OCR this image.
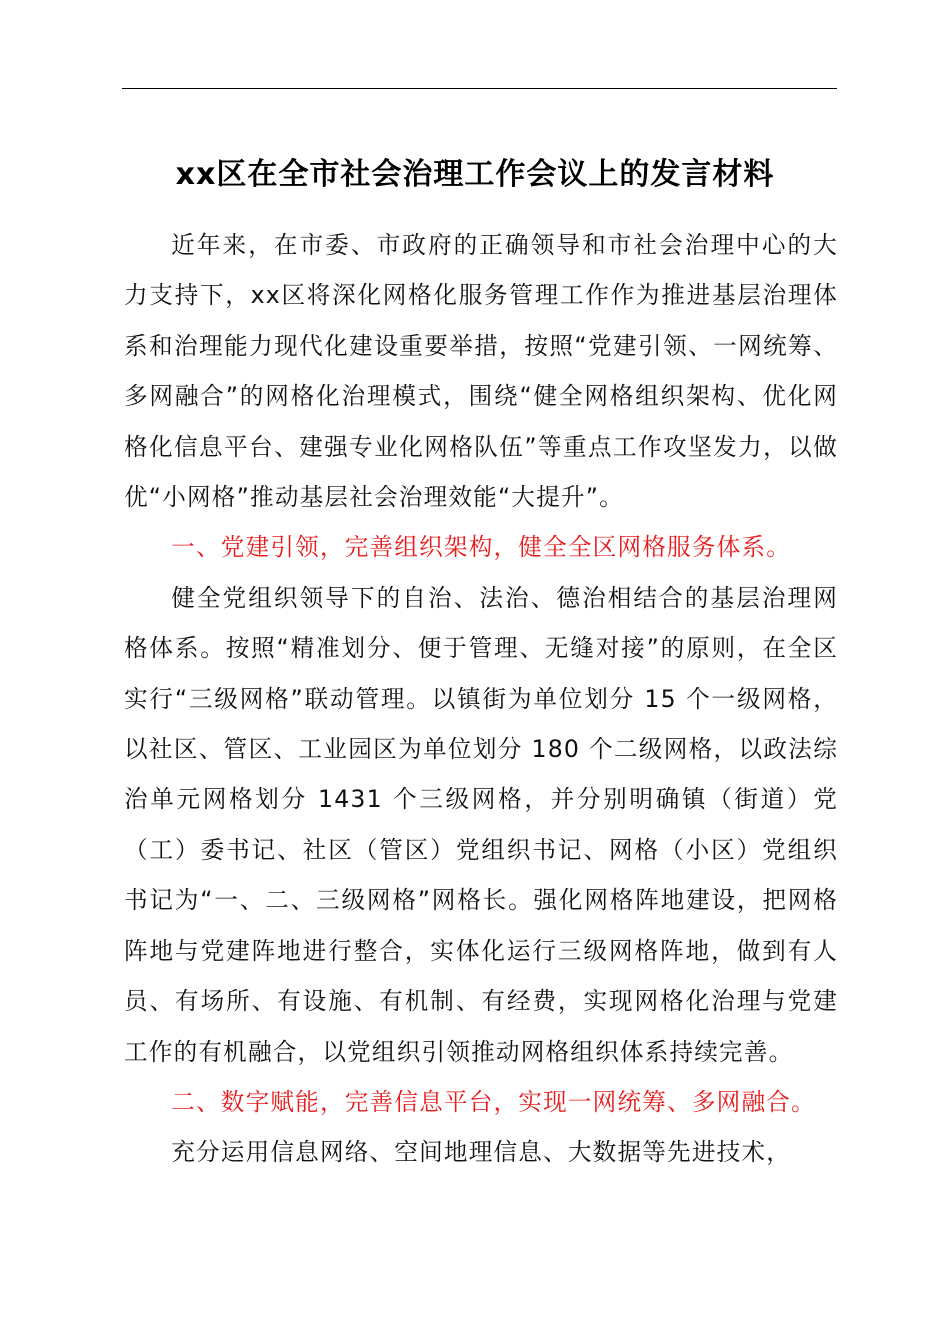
xx区在全市社会治理工作会议上的发言材料

近年来，在市委、市政府的正确领导和市社会治理中心的大力支持下，xx区将深化网格化服务管理工作作为推进基层治理体系和治理能力现代化建设重要举措，按照“党建引领、一网统筹、多网融合”的网格化治理模式，围绕“健全网格组织架构、优化网格化信息平台、建强专业化网格队伍”等重点工作攻坚发力，以做优“小网格”推动基层社会治理效能“大提升”。

一、党建引领，完善组织架构，健全全区网格服务体系。

健全党组织领导下的自治、法治、德治相结合的基层治理网格体系。按照“精准划分、便于管理、无缝对接”的原则，在全区实行“三级网格”联动管理。以镇街为单位划分 15 个一级网格，以社区、管区、工业园区为单位划分 180 个二级网格，以政法综治单元网格划分 1431 个三级网格，并分别明确镇（街道）党（工）委书记、社区（管区）党组织书记、网格（小区）党组织书记为“一、二、三级网格”网格长。强化网格阵地建设，把网格阵地与党建阵地进行整合，实体化运行三级网格阵地，做到有人员、有场所、有设施、有机制、有经费，实现网格化治理与党建工作的有机融合，以党组织引领推动网格组织体系持续完善。

二、数字赋能，完善信息平台，实现一网统筹、多网融合。

充分运用信息网络、空间地理信息、大数据等先进技术，
